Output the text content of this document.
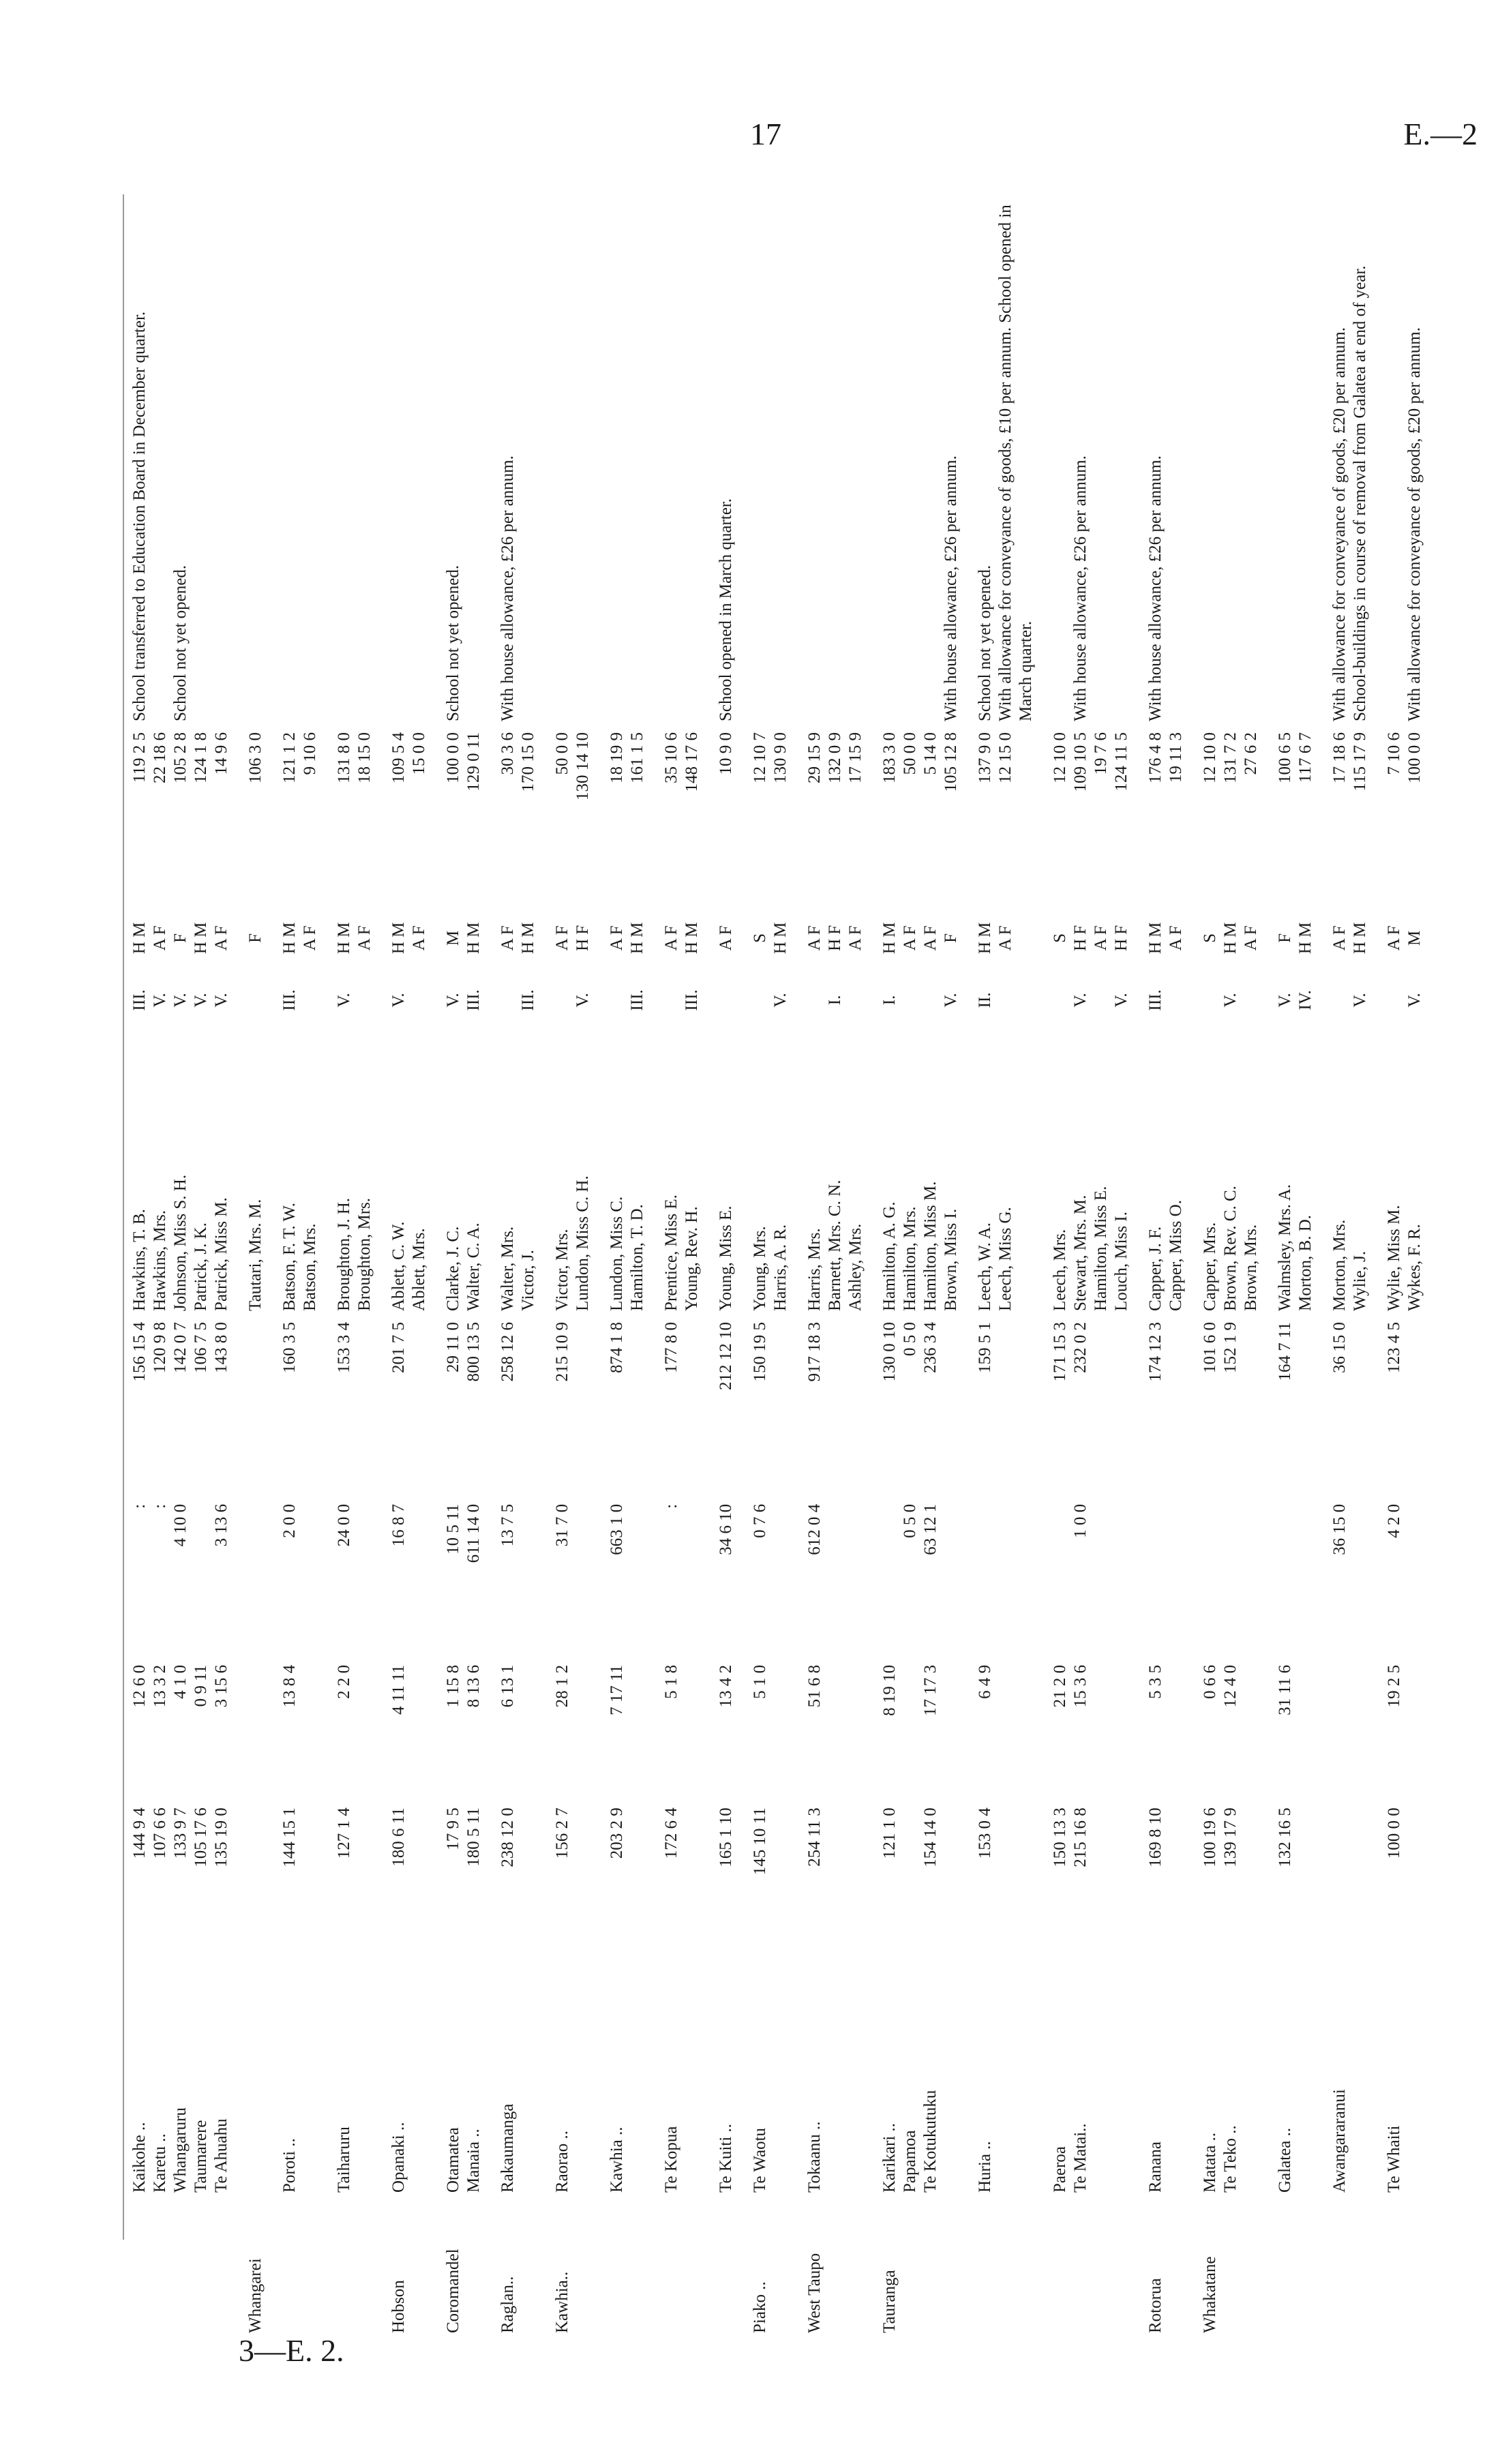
17	E.—2
	Kaikohe ..	144 9 4	12 6 0	:	156 15 4	Hawkins, T. B.	III.	H M	119 2 5	School transferred to Education Board in December quarter.
	Karetu ..	107 6 6	13 3 2	:	120 9 8	Hawkins, Mrs.	V.	A F	22 18 6	
	Whangaruru	133 9 7	4 1 0	4 10 0	142 0 7	Johnson, Miss S. H.	V.	F	105 2 8	School not yet opened.
	Taumarere	105 17 6	0 9 11		106 7 5	Patrick, J. K.	V.	H M	124 1 8	
	Te Ahuahu	135 19 0	3 15 6	3 13 6	143 8 0	Patrick, Miss M.	V.	A F	14 9 6	
Whangarei						Tautari, Mrs. M.		F	106 3 0	
	Poroti ..	144 15 1	13 8 4	2 0 0	160 3 5	Batson, F. T. W.	III.	H M	121 1 2	
						Batson, Mrs.		A F	9 10 6	
	Taiharuru	127 1 4	2 2 0	24 0 0	153 3 4	Broughton, J. H.	V.	H M	131 8 0	
						Broughton, Mrs.		A F	18 15 0	
Hobson	Opanaki ..	180 6 11	4 11 11	16 8 7	201 7 5	Ablett, C. W.	V.	H M	109 5 4	
						Ablett, Mrs.		A F	15 0 0	
Coromandel	Otamatea	17 9 5	1 15 8	10 5 11	29 11 0	Clarke, J. C.	V.	M	100 0 0	School not yet opened.
	Manaia ..	180 5 11	8 13 6	611 14 0	800 13 5	Walter, C. A.	III.	H M	129 0 11	
Raglan..	Rakaumanga	238 12 0	6 13 1	13 7 5	258 12 6	Walter, Mrs.		A F	30 3 6	With house allowance, £26 per annum.
						Victor, J.	III.	H M	170 15 0	
Kawhia..	Raorao ..	156 2 7	28 1 2	31 7 0	215 10 9	Victor, Mrs.		A F	50 0 0	
						Lundon, Miss C. H.	V.	H F	130 14 10	
	Kawhia ..	203 2 9	7 17 11	663 1 0	874 1 8	Lundon, Miss C.		A F	18 19 9	
						Hamilton, T. D.	III.	H M	161 1 5	
	Te Kopua	172 6 4	5 1 8	:	177 8 0	Prentice, Miss E.		A F	35 10 6	
						Young, Rev. H.	III.	H M	148 17 6	
	Te Kuiti ..	165 1 10	13 4 2	34 6 10	212 12 10	Young, Miss E.		A F	10 9 0	School opened in March quarter.
Piako ..	Te Waotu	145 10 11	5 1 0	0 7 6	150 19 5	Young, Mrs.		S	12 10 7	
						Harris, A. R.	V.	H M	130 9 0	
West Taupo	Tokaanu ..	254 11 3	51 6 8	612 0 4	917 18 3	Harris, Mrs.		A F	29 15 9	
						Barnett, Mrs. C. N.	I.	H F	132 0 9	
						Ashley, Mrs.		A F	17 15 9	
Tauranga	Karikari ..	121 1 0	8 19 10		130 0 10	Hamilton, A. G.	I.	H M	183 3 0	
	Papamoa			0 5 0	0 5 0	Hamilton, Mrs.		A F	50 0 0	
	Te Kotukutuku	154 14 0	17 17 3	63 12 1	236 3 4	Hamilton, Miss M.		A F	5 14 0	
						Brown, Miss I.	V.	F	105 12 8	With house allowance, £26 per annum.
	Huria ..	153 0 4	6 4 9		159 5 1	Leech, W. A.	II.	H M	137 9 0	School not yet opened.
						Leech, Miss G.		A F	12 15 0	With allowance for conveyance of goods, £10 per annum. School opened in March quarter.
	Paeroa	150 13 3	21 2 0		171 15 3	Leech, Mrs.		S	12 10 0	
	Te Matai..	215 16 8	15 3 6	1 0 0	232 0 2	Stewart, Mrs. M.	V.	H F	109 10 5	With house allowance, £26 per annum.
						Hamilton, Miss E.		A F	19 7 6	
						Louch, Miss I.	V.	H F	124 11 5	
Rotorua	Ranana	169 8 10	5 3 5		174 12 3	Capper, J. F.	III.	H M	176 4 8	With house allowance, £26 per annum.
						Capper, Miss O.		A F	19 11 3	
Whakatane	Matata ..	100 19 6	0 6 6		101 6 0	Capper, Mrs.		S	12 10 0	
	Te Teko ..	139 17 9	12 4 0		152 1 9	Brown, Rev. C. C.	V.	H M	131 7 2	
						Brown, Mrs.		A F	27 6 2	
	Galatea ..	132 16 5	31 11 6		164 7 11	Walmsley, Mrs. A.	V.	F	100 6 5	
						Morton, B. D.	IV.	H M	117 6 7	
	Awangararanui			36 15 0	36 15 0	Morton, Mrs.		A F	17 18 6	With allowance for conveyance of goods, £20 per annum.
						Wylie, J.	V.	H M	115 17 9	School-buildings in course of removal from Galatea at end of year.
	Te Whaiti	100 0 0	19 2 5	4 2 0	123 4 5	Wylie, Miss M.		A F	7 10 6	
						Wykes, F. R.	V.	M	100 0 0	With allowance for conveyance of goods, £20 per annum.
3—E. 2.
